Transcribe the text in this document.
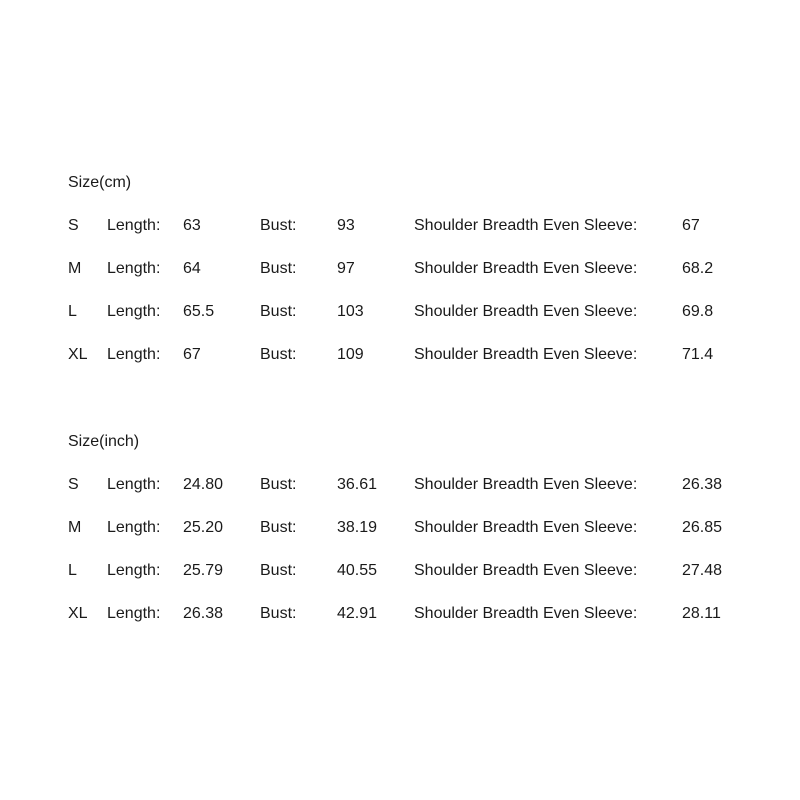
Size(cm)
S Length: 63	Bust:	93	Shoulder Breadth Even Sleeve:	67
M Length: 64	Bust:	97	Shoulder Breadth Even Sleeve:	68.2
L Length: 65.5	Bust:	103	Shoulder Breadth Even Sleeve:	69.8
XL Length: 67	Bust:	109	Shoulder Breadth Even Sleeve:	71.4
Size(inch)
S Length: 24.80 Bust:	36.61 Shoulder Breadth Even Sleeve:	26.38
M Length: 25.20 Bust:	38.19 Shoulder Breadth Even Sleeve:	26.85
L Length: 25.79 Bust:	40.55 Shoulder Breadth Even Sleeve:	27.48
XL Length: 26.38 Bust:	42.91 Shoulder Breadth Even Sleeve:	28.11
